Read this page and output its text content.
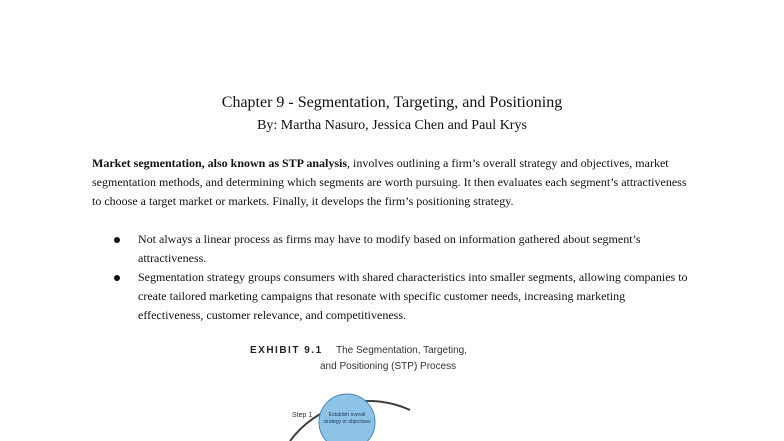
Chapter 9 - Segmentation, Targeting, and Positioning
By: Martha Nasuro, Jessica Chen and Paul Krys

Market segmentation, also known as STP analysis, involves outlining a firm’s overall strategy and objectives, market segmentation methods, and determining which segments are worth pursuing. It then evaluates each segment’s attractiveness to choose a target market or markets. Finally, it develops the firm’s positioning strategy.

Not always a linear process as firms may have to modify based on information gathered about segment’s attractiveness.
Segmentation strategy groups consumers with shared characteristics into smaller segments, allowing companies to create tailored marketing campaigns that resonate with specific customer needs, increasing marketing effectiveness, customer relevance, and competitiveness.
EXHIBIT 9.1 The Segmentation, Targeting,
and Positioning (STP) Process
Step 1	Establish overall strategy or objectives
